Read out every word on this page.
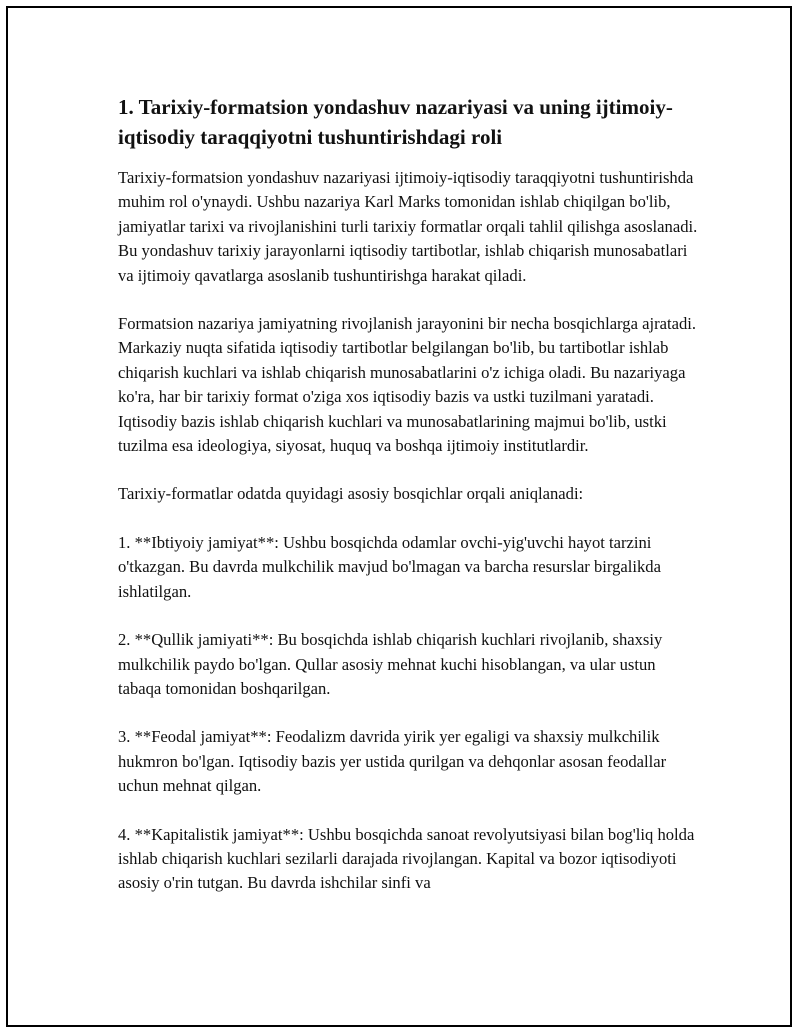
1. Tarixiy-formatsion yondashuv nazariyasi va uning ijtimoiy-iqtisodiy taraqqiyotni tushuntirishdagi roli

Tarixiy-formatsion yondashuv nazariyasi ijtimoiy-iqtisodiy taraqqiyotni tushuntirishda muhim rol o'ynaydi. Ushbu nazariya Karl Marks tomonidan ishlab chiqilgan bo'lib, jamiyatlar tarixi va rivojlanishini turli tarixiy formatlar orqali tahlil qilishga asoslanadi. Bu yondashuv tarixiy jarayonlarni iqtisodiy tartibotlar, ishlab chiqarish munosabatlari va ijtimoiy qavatlarga asoslanib tushuntirishga harakat qiladi.

Formatsion nazariya jamiyatning rivojlanish jarayonini bir necha bosqichlarga ajratadi. Markaziy nuqta sifatida iqtisodiy tartibotlar belgilangan bo'lib, bu tartibotlar ishlab chiqarish kuchlari va ishlab chiqarish munosabatlarini o'z ichiga oladi. Bu nazariyaga ko'ra, har bir tarixiy format o'ziga xos iqtisodiy bazis va ustki tuzilmani yaratadi. Iqtisodiy bazis ishlab chiqarish kuchlari va munosabatlarining majmui bo'lib, ustki tuzilma esa ideologiya, siyosat, huquq va boshqa ijtimoiy institutlardir.

Tarixiy-formatlar odatda quyidagi asosiy bosqichlar orqali aniqlanadi:

1. **Ibtiyoiy jamiyat**: Ushbu bosqichda odamlar ovchi-yig'uvchi hayot tarzini o'tkazgan. Bu davrda mulkchilik mavjud bo'lmagan va barcha resurslar birgalikda ishlatilgan.

2. **Qullik jamiyati**: Bu bosqichda ishlab chiqarish kuchlari rivojlanib, shaxsiy mulkchilik paydo bo'lgan. Qullar asosiy mehnat kuchi hisoblangan, va ular ustun tabaqa tomonidan boshqarilgan.

3. **Feodal jamiyat**: Feodalizm davrida yirik yer egaligi va shaxsiy mulkchilik hukmron bo'lgan. Iqtisodiy bazis yer ustida qurilgan va dehqonlar asosan feodallar uchun mehnat qilgan.

4. **Kapitalistik jamiyat**: Ushbu bosqichda sanoat revolyutsiyasi bilan bog'liq holda ishlab chiqarish kuchlari sezilarli darajada rivojlangan. Kapital va bozor iqtisodiyoti asosiy o'rin tutgan. Bu davrda ishchilar sinfi va
